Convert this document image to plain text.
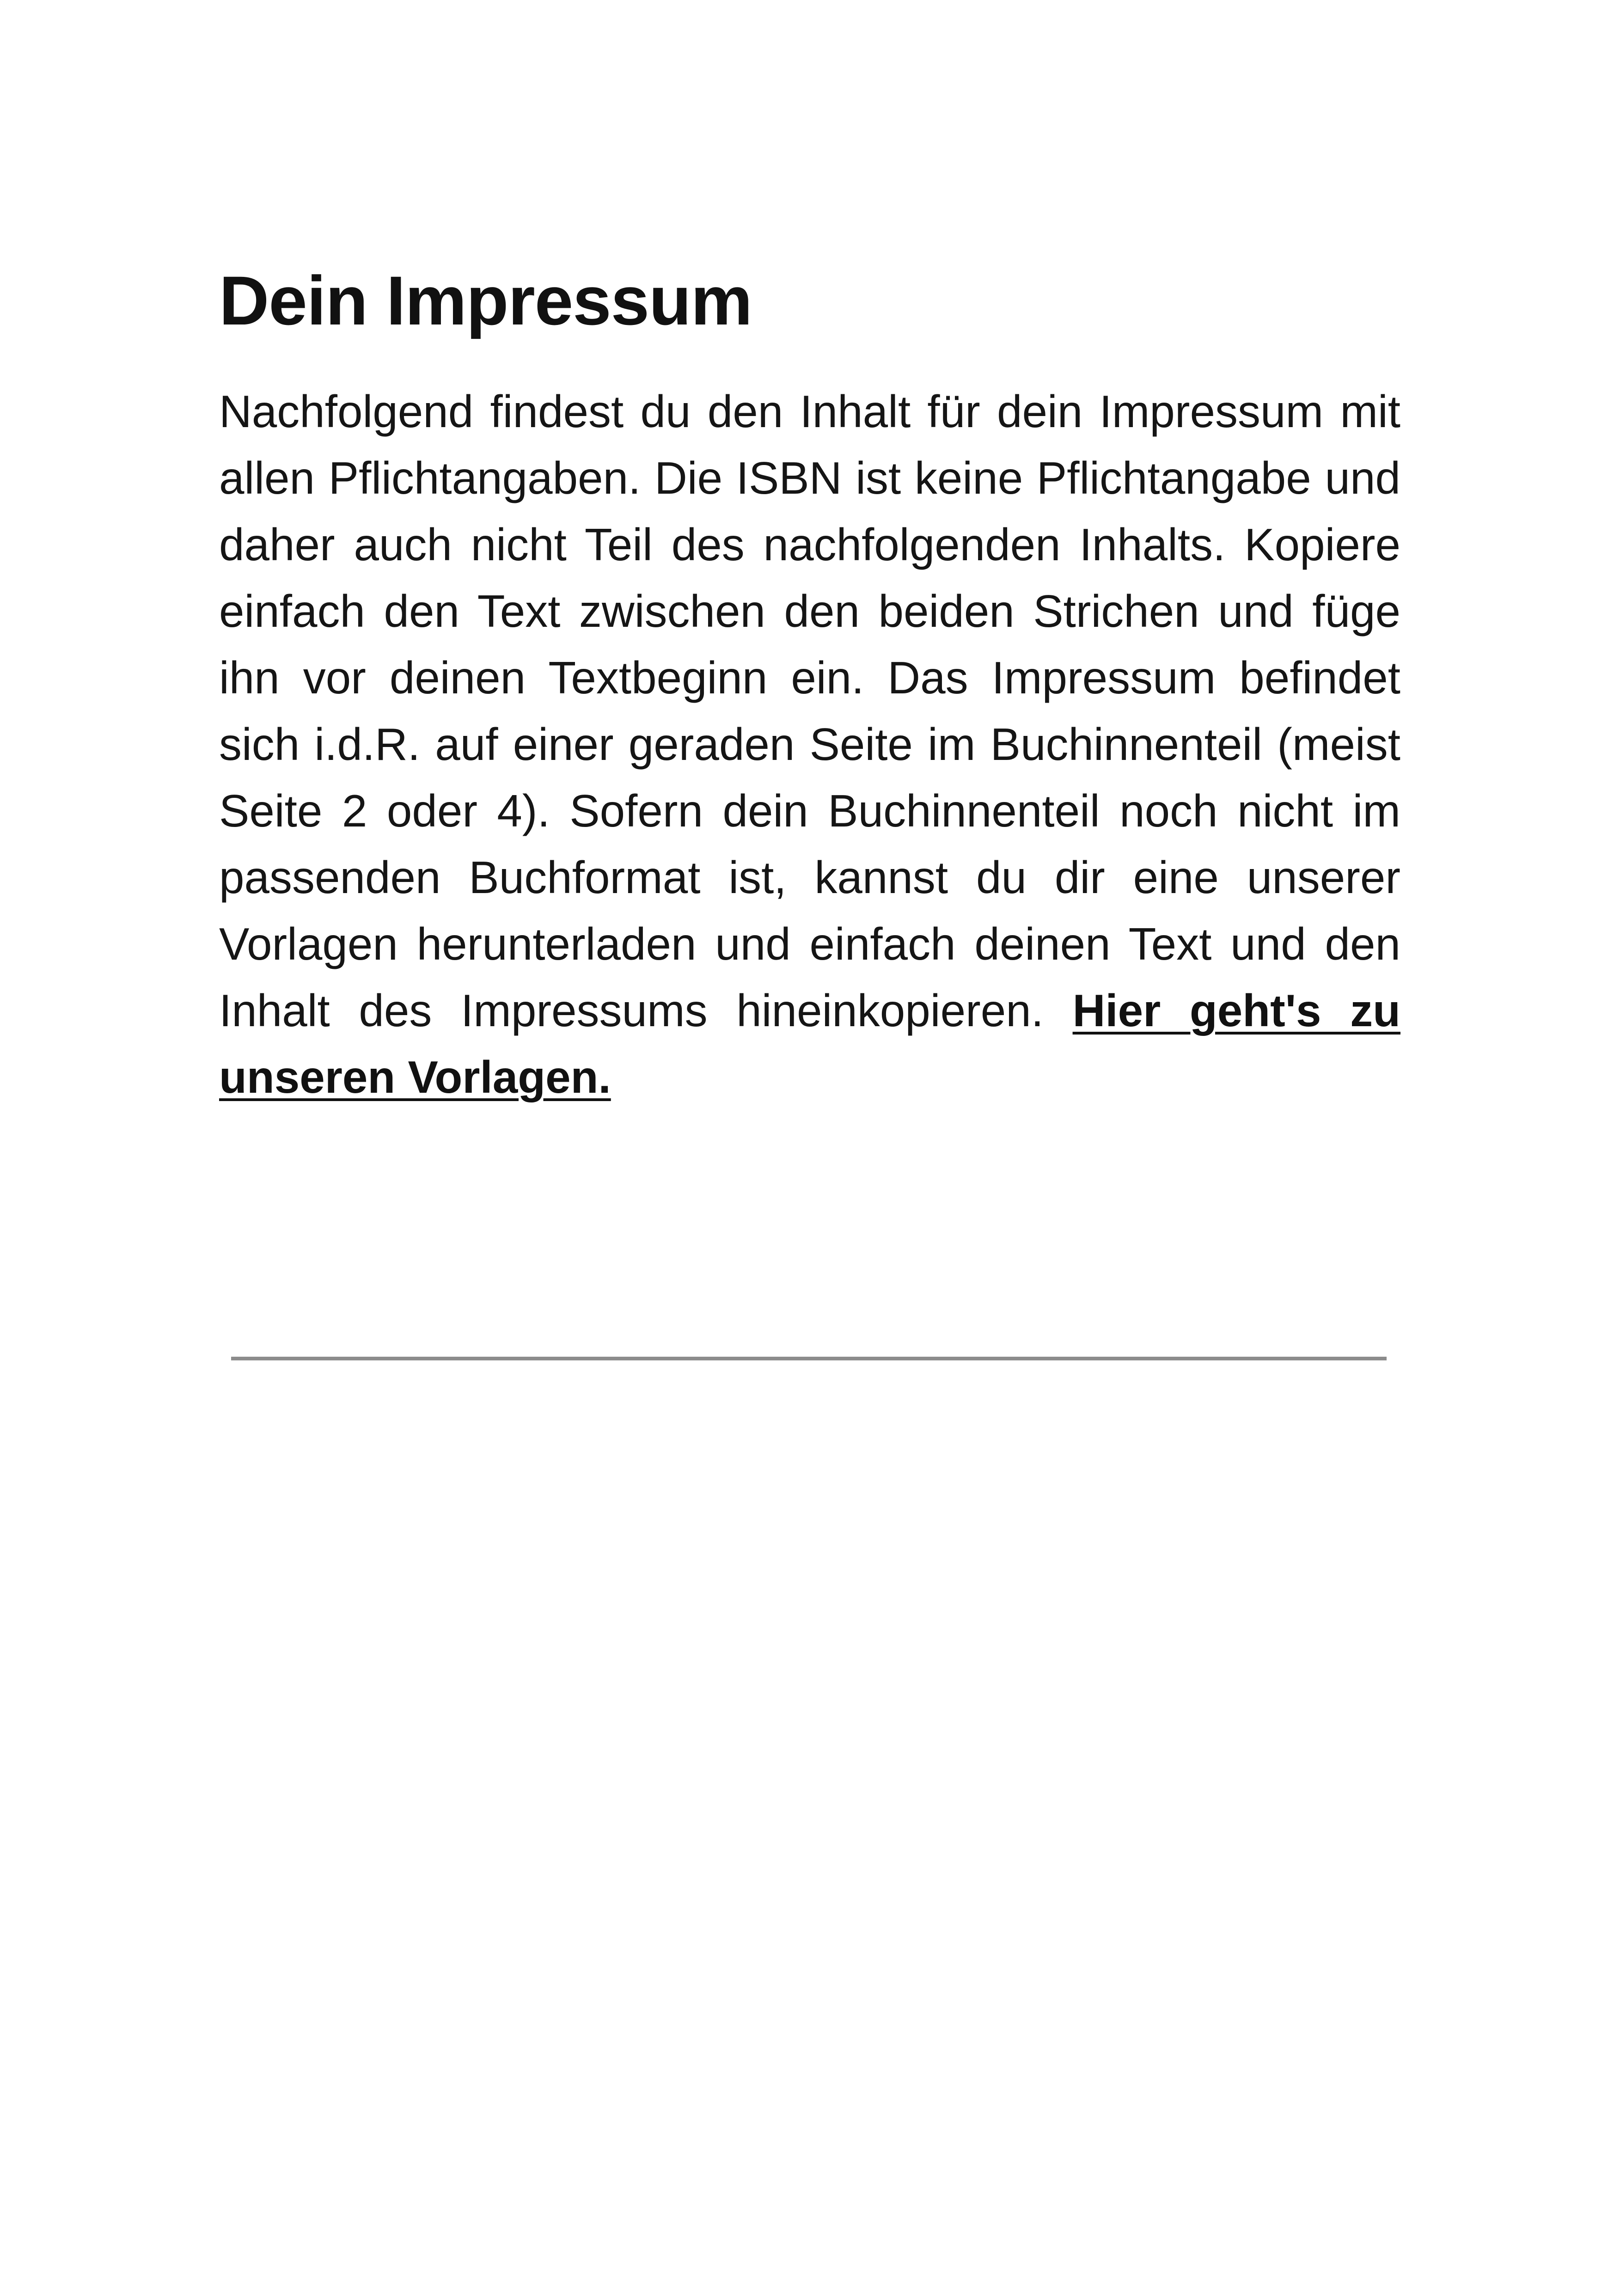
Dein Impressum

Nachfolgend findest du den Inhalt für dein Impressum mit allen Pflichtangaben. Die ISBN ist keine Pflichtangabe und daher auch nicht Teil des nachfolgenden Inhalts. Kopiere einfach den Text zwischen den beiden Strichen und füge ihn vor deinen Textbeginn ein. Das Impressum befindet sich i.d.R. auf einer geraden Seite im Buchinnenteil (meist Seite 2 oder 4). Sofern dein Buchinnenteil noch nicht im passenden Buchformat ist, kannst du dir eine unserer Vorlagen herunterladen und einfach deinen Text und den Inhalt des Impressums hineinkopieren. Hier geht's zu unseren Vorlagen.
